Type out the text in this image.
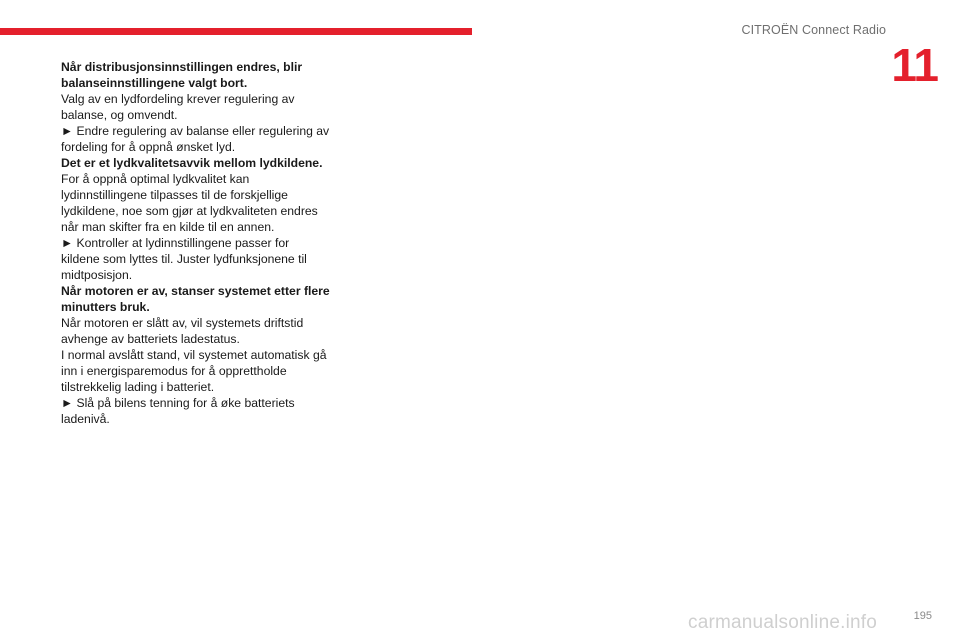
CITROËN Connect Radio
11

Når distribusjonsinnstillingen endres, blir balanseinnstillingene valgt bort.

Valg av en lydfordeling krever regulering av balanse, og omvendt.

► Endre regulering av balanse eller regulering av fordeling for å oppnå ønsket lyd.

Det er et lydkvalitetsavvik mellom lydkildene.

For å oppnå optimal lydkvalitet kan lydinnstillingene tilpasses til de forskjellige lydkildene, noe som gjør at lydkvaliteten endres når man skifter fra en kilde til en annen.

► Kontroller at lydinnstillingene passer for kildene som lyttes til. Juster lydfunksjonene til midtposisjon.

Når motoren er av, stanser systemet etter flere minutters bruk.

Når motoren er slått av, vil systemets driftstid avhenge av batteriets ladestatus.

I normal avslått stand, vil systemet automatisk gå inn i energisparemodus for å opprettholde tilstrekkelig lading i batteriet.

► Slå på bilens tenning for å øke batteriets ladenivå.

195
carmanualsonline.info
